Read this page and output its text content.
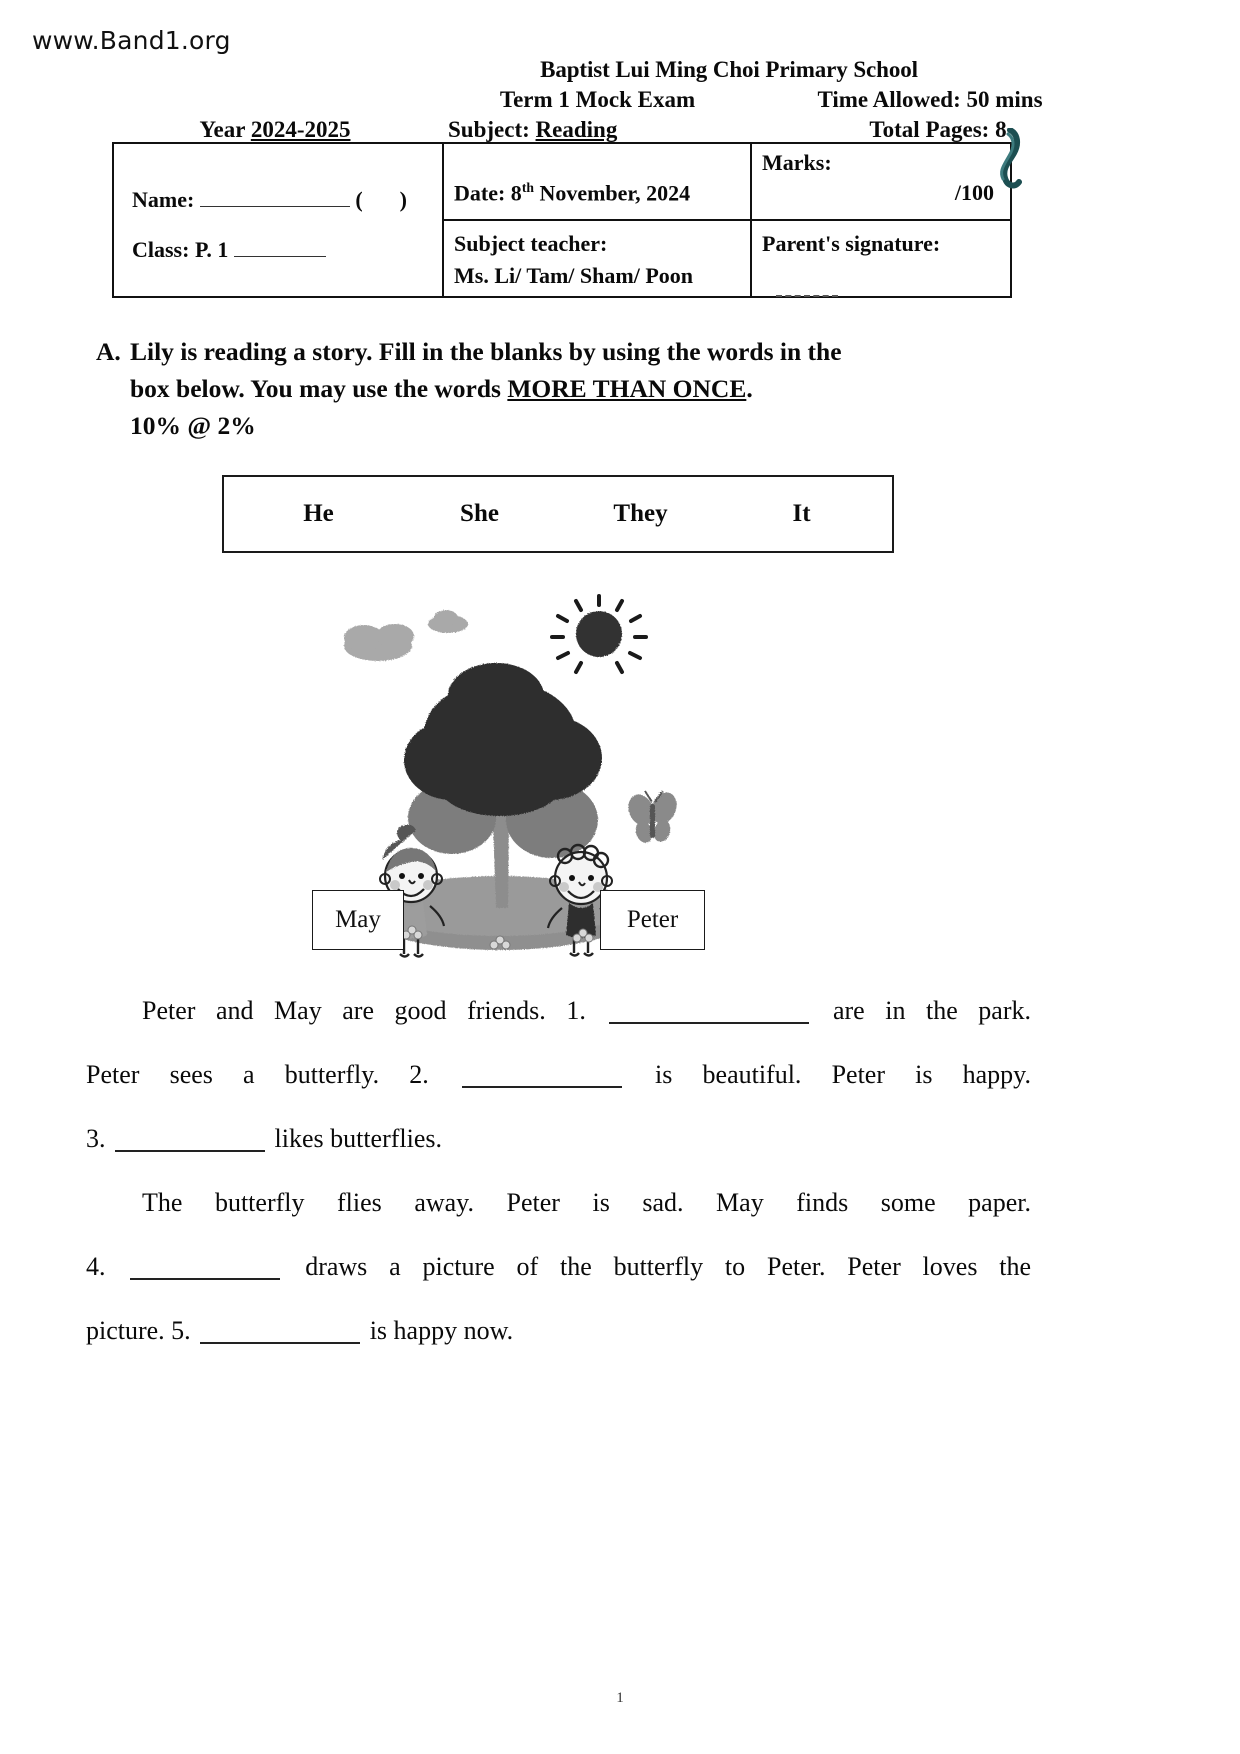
www.Band1.org
Baptist Lui Ming Choi Primary School
Term 1 Mock Exam	Time Allowed: 50 mins
Year 2024-2025	Subject: Reading	Total Pages: 8
Name:	( )
Class: P. 1
Date: 8th November, 2024
Marks:
/100
Subject teacher:
Ms. Li/ Tam/ Sham/ Poon
Parent's signature:
A. Lily is reading a story. Fill in the blanks by using the words in the
box below. You may use the words MORE THAN ONCE.
10% @ 2%
He	She	They	It
May	Peter

Peter and May are good friends. 1.	are in the park.

Peter sees a butterfly. 2.	is beautiful. Peter is happy.

3.	likes butterflies.

The butterfly flies away. Peter is sad. May finds some paper.

4.	draws a picture of the butterfly to Peter. Peter loves the

picture. 5.	is happy now.

1
